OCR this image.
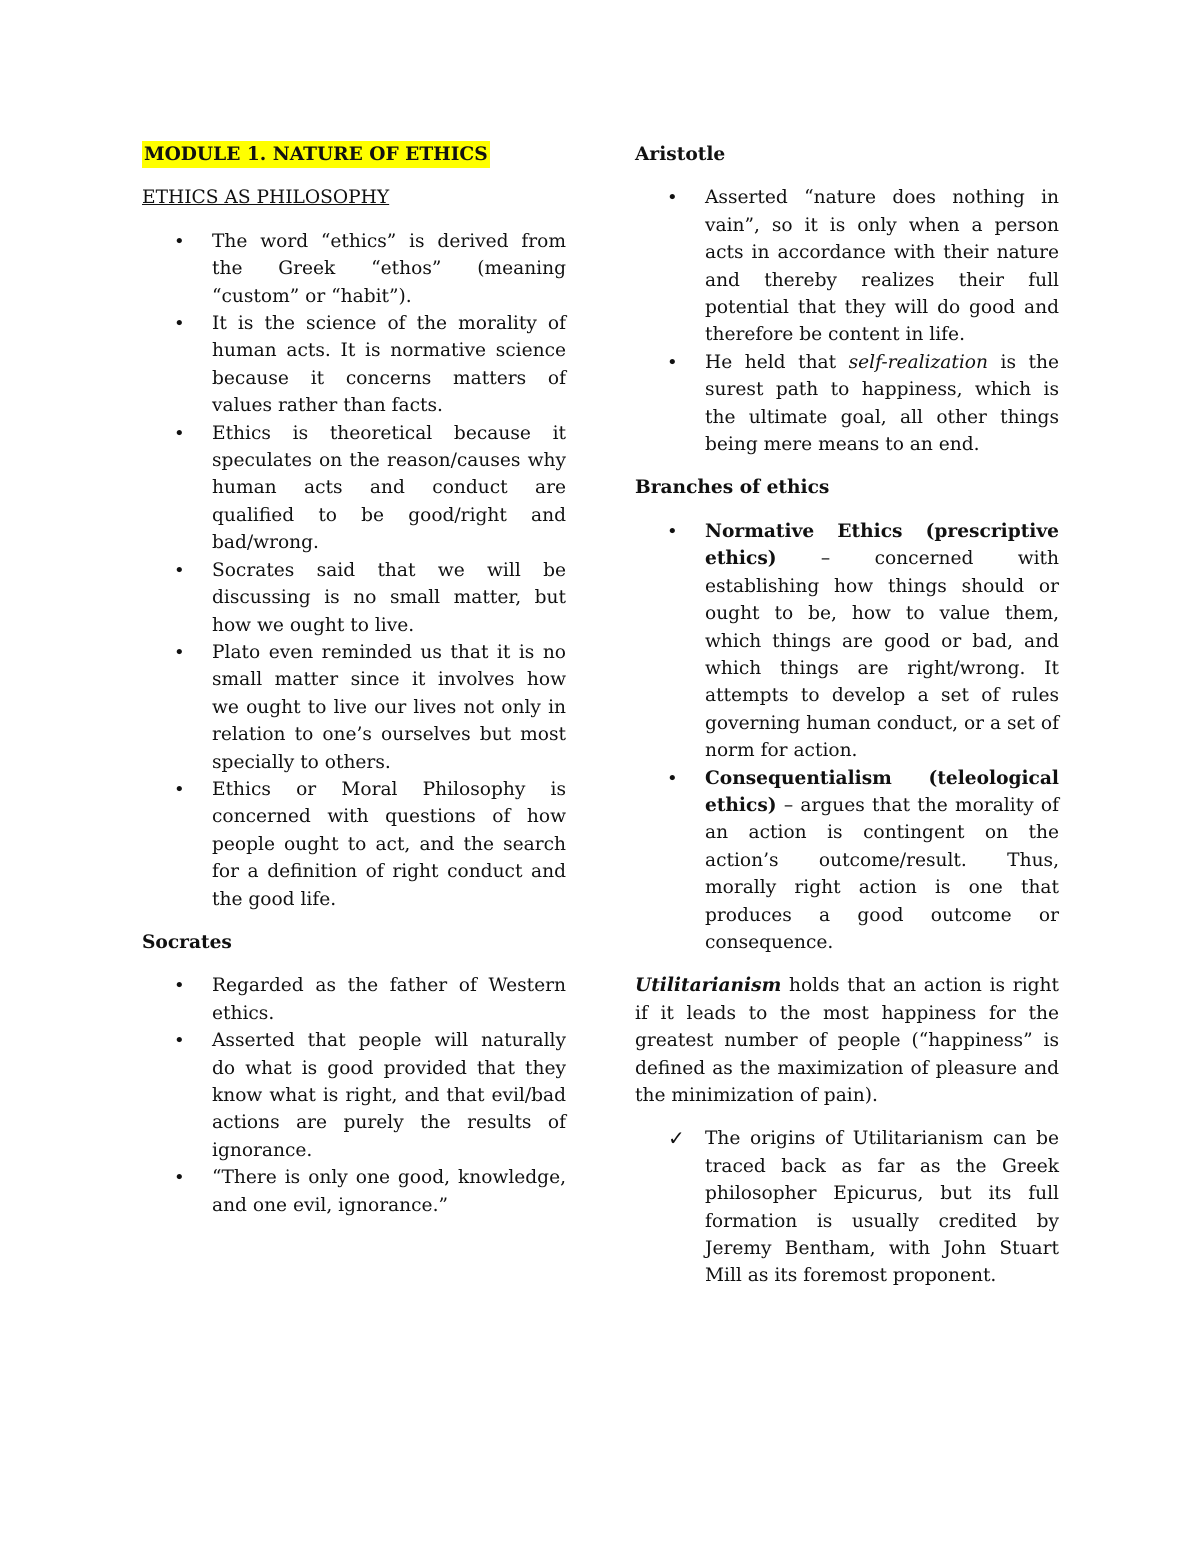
MODULE 1. NATURE OF ETHICS
ETHICS AS PHILOSOPHY
•	The word “ethics” is derived from the Greek “ethos” (meaning “custom” or “habit”).
•	It is the science of the morality of human acts. It is normative science because it concerns matters of values rather than facts.
•	Ethics is theoretical because it speculates on the reason/causes why human acts and conduct are qualified to be good/right and bad/wrong.
•	Socrates said that we will be discussing is no small matter, but how we ought to live.
•	Plato even reminded us that it is no small matter since it involves how we ought to live our lives not only in relation to one’s ourselves but most specially to others.
•	Ethics or Moral Philosophy is concerned with questions of how people ought to act, and the search for a definition of right conduct and the good life.
Socrates
•	Regarded as the father of Western ethics.
•	Asserted that people will naturally do what is good provided that they know what is right, and that evil/bad actions are purely the results of ignorance.
•	“There is only one good, knowledge, and one evil, ignorance.”
Aristotle
•	Asserted “nature does nothing in vain”, so it is only when a person acts in accordance with their nature and thereby realizes their full potential that they will do good and therefore be content in life.
•	He held that self-realization is the surest path to happiness, which is the ultimate goal, all other things being mere means to an end.
Branches of ethics
•	Normative Ethics (prescriptive ethics) – concerned with establishing how things should or ought to be, how to value them, which things are good or bad, and which things are right/wrong. It attempts to develop a set of rules governing human conduct, or a set of norm for action.
•	Consequentialism (teleological ethics) – argues that the morality of an action is contingent on the action’s outcome/result. Thus, morally right action is one that produces a good outcome or consequence.
Utilitarianism holds that an action is right if it leads to the most happiness for the greatest number of people (“happiness” is defined as the maximization of pleasure and the minimization of pain).
✓ The origins of Utilitarianism can be traced back as far as the Greek philosopher Epicurus, but its full formation is usually credited by Jeremy Bentham, with John Stuart Mill as its foremost proponent.
